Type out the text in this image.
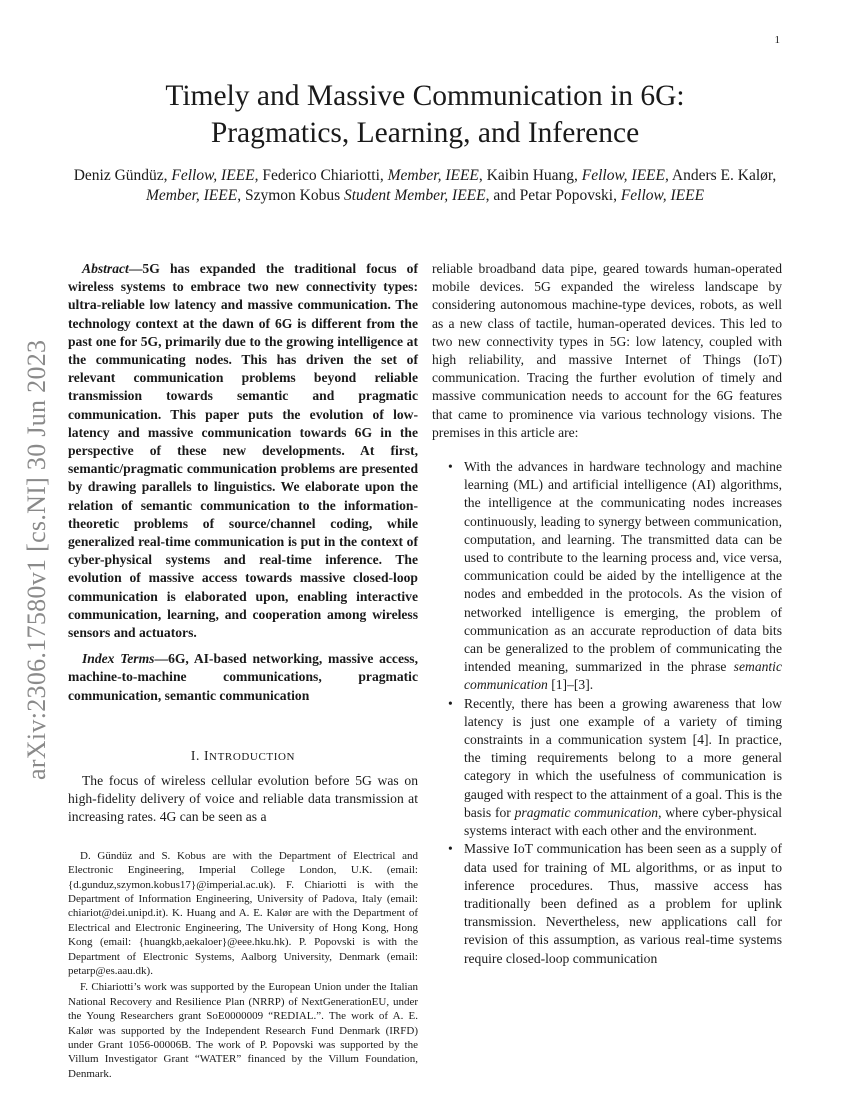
1
arXiv:2306.17580v1 [cs.NI] 30 Jun 2023
Timely and Massive Communication in 6G:
Pragmatics, Learning, and Inference

Deniz Gündüz, Fellow, IEEE, Federico Chiariotti, Member, IEEE, Kaibin Huang, Fellow, IEEE, Anders E. Kalør, Member, IEEE, Szymon Kobus Student Member, IEEE, and Petar Popovski, Fellow, IEEE

Abstract—5G has expanded the traditional focus of wireless systems to embrace two new connectivity types: ultra-reliable low latency and massive communication. The technology context at the dawn of 6G is different from the past one for 5G, primarily due to the growing intelligence at the communicating nodes. This has driven the set of relevant communication problems beyond reliable transmission towards semantic and pragmatic communication. This paper puts the evolution of low-latency and massive communication towards 6G in the perspective of these new developments. At first, semantic/pragmatic communication problems are presented by drawing parallels to linguistics. We elaborate upon the relation of semantic communication to the information-theoretic problems of source/channel coding, while generalized real-time communication is put in the context of cyber-physical systems and real-time inference. The evolution of massive access towards massive closed-loop communication is elaborated upon, enabling interactive communication, learning, and cooperation among wireless sensors and actuators.

Index Terms—6G, AI-based networking, massive access, machine-to-machine communications, pragmatic communication, semantic communication

I. INTRODUCTION

The focus of wireless cellular evolution before 5G was on high-fidelity delivery of voice and reliable data transmission at increasing rates. 4G can be seen as a

D. Gündüz and S. Kobus are with the Department of Electrical and Electronic Engineering, Imperial College London, U.K. (email: {d.gunduz,szymon.kobus17}@imperial.ac.uk). F. Chiariotti is with the Department of Information Engineering, University of Padova, Italy (email: chiariot@dei.unipd.it). K. Huang and A. E. Kalør are with the Department of Electrical and Electronic Engineering, The University of Hong Kong, Hong Kong (email: {huangkb,aekaloer}@eee.hku.hk). P. Popovski is with the Department of Electronic Systems, Aalborg University, Denmark (email: petarp@es.aau.dk).

F. Chiariotti’s work was supported by the European Union under the Italian National Recovery and Resilience Plan (NRRP) of NextGenerationEU, under the Young Researchers grant SoE0000009 “REDIAL.”. The work of A. E. Kalør was supported by the Independent Research Fund Denmark (IRFD) under Grant 1056-00006B. The work of P. Popovski was supported by the Villum Investigator Grant “WATER” financed by the Villum Foundation, Denmark.

reliable broadband data pipe, geared towards human-operated mobile devices. 5G expanded the wireless landscape by considering autonomous machine-type devices, robots, as well as a new class of tactile, human-operated devices. This led to two new connectivity types in 5G: low latency, coupled with high reliability, and massive Internet of Things (IoT) communication. Tracing the further evolution of timely and massive communication needs to account for the 6G features that came to prominence via various technology visions. The premises in this article are:

• With the advances in hardware technology and machine learning (ML) and artificial intelligence (AI) algorithms, the intelligence at the communicating nodes increases continuously, leading to synergy between communication, computation, and learning. The transmitted data can be used to contribute to the learning process and, vice versa, communication could be aided by the intelligence at the nodes and embedded in the protocols. As the vision of networked intelligence is emerging, the problem of communication as an accurate reproduction of data bits can be generalized to the problem of communicating the intended meaning, summarized in the phrase semantic communication [1]–[3].
• Recently, there has been a growing awareness that low latency is just one example of a variety of timing constraints in a communication system [4]. In practice, the timing requirements belong to a more general category in which the usefulness of communication is gauged with respect to the attainment of a goal. This is the basis for pragmatic communication, where cyber-physical systems interact with each other and the environment.
• Massive IoT communication has been seen as a supply of data used for training of ML algorithms, or as input to inference procedures. Thus, massive access has traditionally been defined as a problem for uplink transmission. Nevertheless, new applications call for revision of this assumption, as various real-time systems require closed-loop communication
